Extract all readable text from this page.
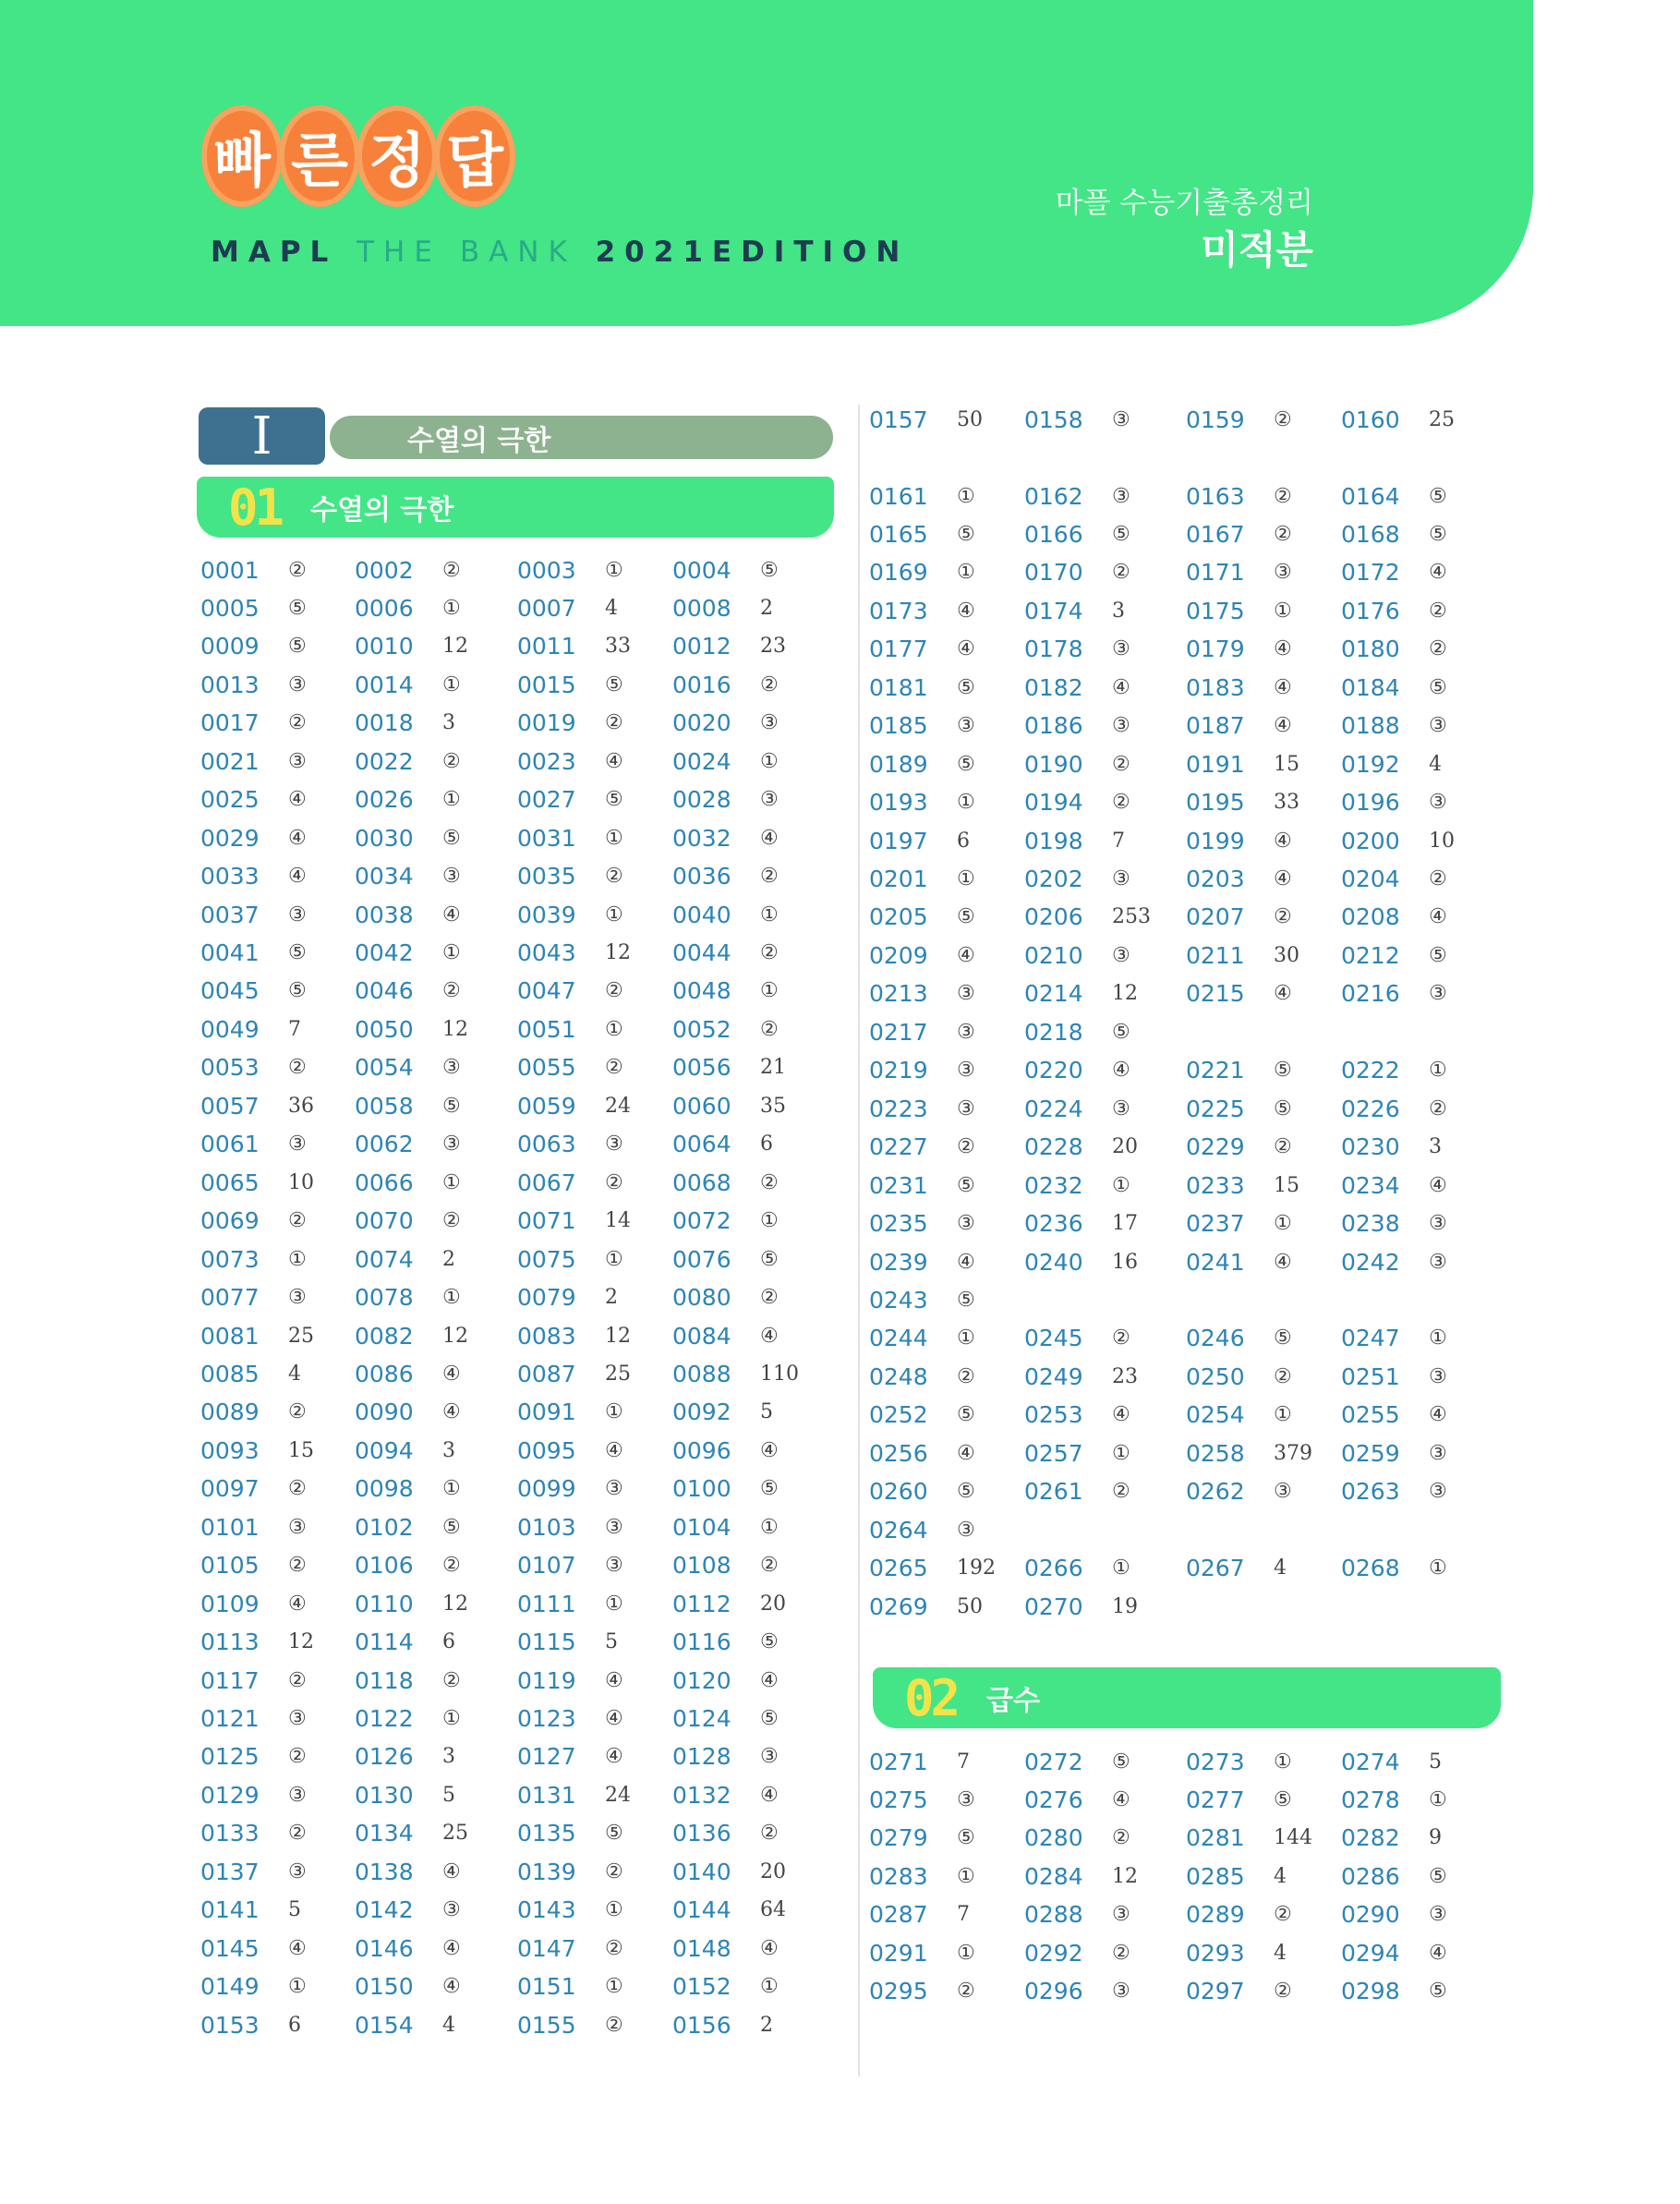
빠 른 정 답
MAPL THE BANK 2021EDITION
마플 수능기출총정리
미적분
I	수열의 극한
01 수열의 극한
02 급수
0001	② 0002	② 0003	① 0004	⑤
0005	⑤ 0006	① 0007	4 0008	2
0009	⑤ 0010	12 0011	33 0012	23
0013	③ 0014	① 0015	⑤ 0016	②
0017	② 0018	3	0019	② 0020	③
0021	③ 0022	② 0023	④ 0024	①
0025	④ 0026	① 0027	⑤ 0028	③
0029	④ 0030	⑤ 0031	① 0032	④
0033	④ 0034	③ 0035	② 0036	②
0037	③ 0038	④ 0039	① 0040	①
0041	⑤ 0042	① 0043	12 0044	②
0045	⑤ 0046	② 0047	② 0048	①
0049	7 0050	12 0051	① 0052	②
0053	② 0054	③ 0055	② 0056	21
0057	36 0058	⑤ 0059	24 0060	35
0061	③ 0062	③ 0063	③ 0064	6
0065	10 0066	① 0067	② 0068	②
0069	② 0070	② 0071	14 0072	①
0073	① 0074	2	0075	① 0076	⑤
0077	③ 0078	① 0079	2 0080	②
0081	25 0082	12 0083	12 0084	④
0085	4 0086	④ 0087	25 0088	110
0089	② 0090	④ 0091	① 0092	5
0093	15 0094	3	0095	④ 0096	④
0097	② 0098	① 0099	③ 0100	⑤
0101	③ 0102	⑤ 0103	③ 0104	①
0105	② 0106	② 0107	③ 0108	②
0109	④ 0110	12 0111	① 0112	20
0113	12 0114	6	0115	5 0116	⑤
0117	② 0118	② 0119	④ 0120	④
0121	③ 0122	① 0123	④ 0124	⑤
0125	② 0126	3	0127	④ 0128	③
0129	③ 0130	5	0131	24 0132	④
0133	② 0134	25 0135	⑤ 0136	②
0137	③ 0138	④ 0139	② 0140	20
0141	5 0142	③ 0143	① 0144	64
0145	④ 0146	④ 0147	② 0148	④
0149	① 0150	④ 0151	① 0152	①
0153	6 0154	4	0155	② 0156	2
0157	50 0158	③ 0159	② 0160	25
0161	① 0162	③ 0163	② 0164	⑤
0165	⑤ 0166	⑤ 0167	② 0168	⑤
0169	① 0170	② 0171	③ 0172	④
0173	④ 0174	3	0175	① 0176	②
0177	④ 0178	③ 0179	④ 0180	②
0181	⑤ 0182	④ 0183	④ 0184	⑤
0185	③ 0186	③ 0187	④ 0188	③
0189	⑤ 0190	② 0191	15 0192	4
0193	① 0194	② 0195	33 0196	③
0197	6 0198	7	0199	④ 0200	10
0201	① 0202	③ 0203	④ 0204	②
0205	⑤ 0206	253 0207	② 0208	④
0209	④ 0210	③ 0211	30 0212	⑤
0213	③ 0214	12 0215	④ 0216	③
0217	③ 0218	⑤
0219	③ 0220	④ 0221	⑤ 0222	①
0223	③ 0224	③ 0225	⑤ 0226	②
0227	② 0228	20 0229	② 0230	3
0231	⑤ 0232	① 0233	15 0234	④
0235	③ 0236	17 0237	① 0238	③
0239	④ 0240	16 0241	④ 0242	③
0243	⑤
0244	① 0245	② 0246	⑤ 0247	①
0248	② 0249	23 0250	② 0251	③
0252	⑤ 0253	④ 0254	① 0255	④
0256	④ 0257	① 0258	379 0259	③
0260	⑤ 0261	② 0262	③ 0263	③
0264	③
0265	192 0266	① 0267	4 0268	①
0269	50 0270	19
0271	7 0272	⑤ 0273	① 0274	5
0275	③ 0276	④ 0277	⑤ 0278	①
0279	⑤ 0280	② 0281	144 0282	9
0283	① 0284	12 0285	4 0286	⑤
0287	7 0288	③ 0289	② 0290	③
0291	① 0292	② 0293	4 0294	④
0295	② 0296	③ 0297	② 0298	⑤
